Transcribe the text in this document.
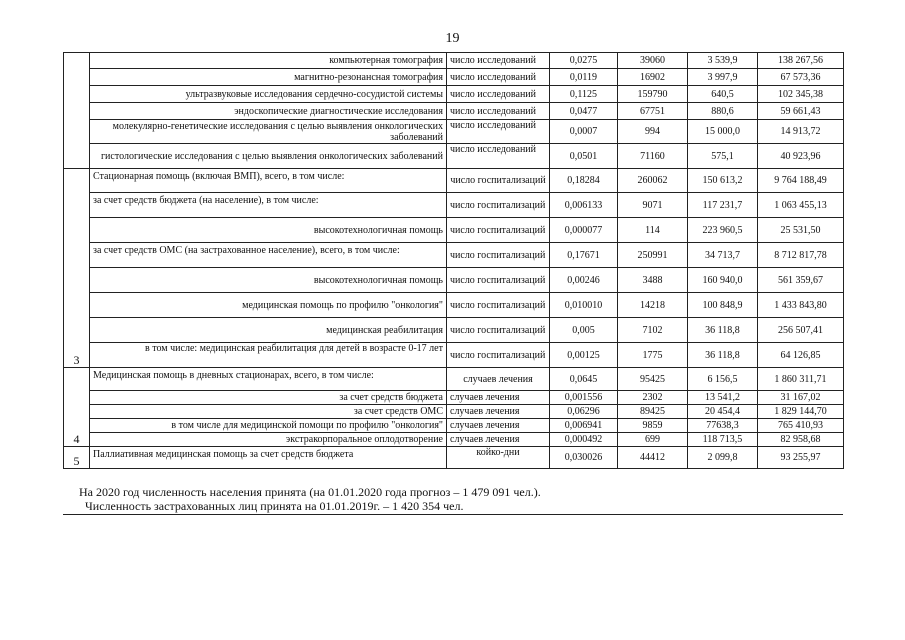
19
	компьютерная томография	число исследований	0,0275	39060	3 539,9	138 267,56
	магнитно-резонансная томография	число исследований	0,0119	16902	3 997,9	67 573,36
	ультразвуковые исследования сердечно-сосудистой системы	число исследований	0,1125	159790	640,5	102 345,38
	эндоскопические диагностические исследования	число исследований	0,0477	67751	880,6	59 661,43
	молекулярно-генетические исследования с целью выявления онкологических заболеваний	число исследований	0,0007	994	15 000,0	14 913,72
	гистологические исследования с целью выявления онкологических заболеваний	число исследований	0,0501	71160	575,1	40 923,96
3	Стационарная помощь (включая ВМП), всего, в том числе:	число госпитализаций	0,18284	260062	150 613,2	9 764 188,49
	за счет средств бюджета (на население), в том числе:	число госпитализаций	0,006133	9071	117 231,7	1 063 455,13
	высокотехнологичная помощь	число госпитализаций	0,000077	114	223 960,5	25 531,50
	за счет средств ОМС (на застрахованное население), всего, в том числе:	число госпитализаций	0,17671	250991	34 713,7	8 712 817,78
	высокотехнологичная помощь	число госпитализаций	0,00246	3488	160 940,0	561 359,67
	медицинская помощь по профилю "онкология"	число госпитализаций	0,010010	14218	100 848,9	1 433 843,80
	медицинская реабилитация	число госпитализаций	0,005	7102	36 118,8	256 507,41
	в том числе: медицинская реабилитация для детей в возрасте 0-17 лет	число госпитализаций	0,00125	1775	36 118,8	64 126,85
4	Медицинская помощь в дневных стационарах, всего, в том числе:	случаев лечения	0,0645	95425	6 156,5	1 860 311,71
	за счет средств бюджета	случаев лечения	0,001556	2302	13 541,2	31 167,02
	за счет средств ОМС	случаев лечения	0,06296	89425	20 454,4	1 829 144,70
	в том числе для медицинской помощи по профилю "онкология"	случаев лечения	0,006941	9859	77638,3	765 410,93
	экстракорпоральное оплодотворение	случаев лечения	0,000492	699	118 713,5	82 958,68
5	Паллиативная медицинская помощь за счет средств бюджета	койко-дни	0,030026	44412	2 099,8	93 255,97
На 2020 год численность населения принята (на 01.01.2020 года прогноз – 1 479 091 чел.).
Численность застрахованных лиц принята на 01.01.2019г. – 1 420 354 чел.
